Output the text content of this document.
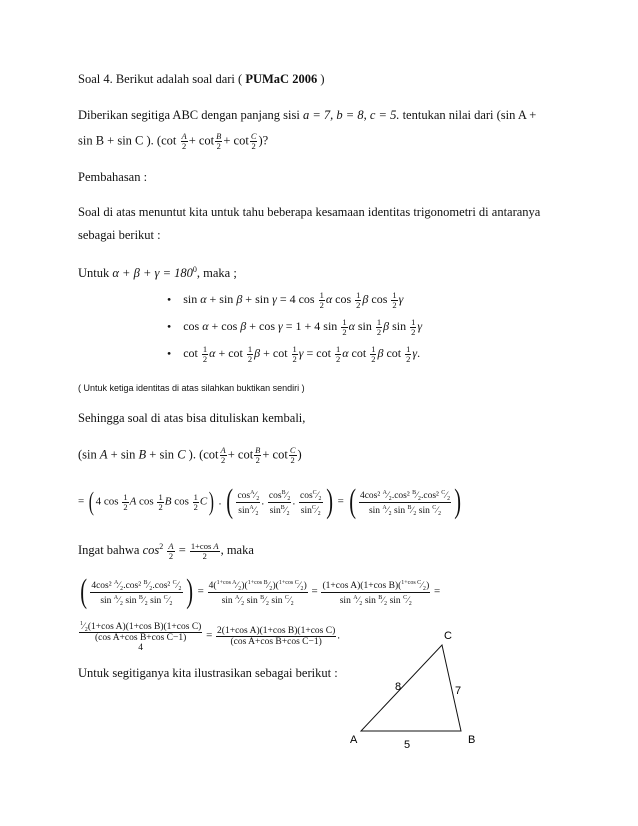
Soal 4. Berikut adalah soal dari ( PUMaC 2006 )
Diberikan segitiga ABC dengan panjang sisi a = 7, b = 8, c = 5. tentukan nilai dari (sin A +
sin B + sin C ). ($\cot \frac{A}{2} + \cot \frac{B}{2} + \cot \frac{C}{2}$ )?
Pembahasan :
Soal di atas menuntut kita untuk tahu beberapa kesamaan identitas trigonometri di antaranya
sebagai berikut :
Untuk $\alpha + \beta + \gamma = 180^0$, maka ;
•    sin α + sin β + sin γ = 4 $\cos \frac{1}{2}$ α $\cos \frac{1}{2}$ β $\cos \frac{1}{2}$ γ
•    cos α + cos β + cos γ = 1 + 4 $\sin \frac{1}{2}$ α $\sin \frac{1}{2}$ β $\sin \frac{1}{2}$ γ
•    $\cot \frac{1}{2}$ $\alpha + \cot \frac{1}{2}$ $\beta + \cot \frac{1}{2}$ $\gamma = \cot \frac{1}{2}$ α $\cot \frac{1}{2}$ β $\cot \frac{1}{2} \gamma$.
( Untuk ketiga identitas di atas silahkan buktikan sendiri )
Sehingga soal di atas bisa dituliskan kembali,
(sin A + sin B + sin C ). ($\cot \frac{A}{2} + \cot \frac{B}{2} + \cot \frac{C}{2}$ )
= ( 4 $\cos \frac{1}{2}$ A $\cos \frac{1}{2}$ B $\cos \frac{1}{2} C$) . ( $\frac{\cos^A⁄_2}{\sin^A⁄_2}$ . $\frac{\cos^B⁄_2}{\sin^B⁄_2}$ . $\frac{\cos^C⁄_2}{\sin^C⁄_2}$ ) = ( $\frac{4\cos^2 ^A⁄_2.\cos^2 ^B⁄_2.\cos^2 ^C⁄_2}{\sin ^A⁄_2 \sin ^B⁄_2 \sin ^C⁄_2}$ )
Ingat bahwa $\cos^2 \frac{A}{2} = \frac{\text{1+cos A}}{2}$ , maka
( $\frac{4\cos^2 ^A⁄_2.\cos^2 ^B⁄_2.\cos^2 ^C⁄_2}{\sin ^A⁄_2 \sin ^B⁄_2 \sin ^C⁄_2}$ ) = $\frac{4(^{1+cos A}⁄_2)(^{1+cos B}⁄_2)(^{1+cos C}⁄_2)}{\sin ^A⁄_2 \sin ^B⁄_2 \sin ^C⁄_2} = \frac{(1+\cos A)(1+\cos B)(^{1+cos C}⁄_2)}{\sin ^A⁄_2 \sin ^B⁄_2 \sin ^C⁄_2}$ =
$^1$⁄₂(1+cos A)(1+cos B)(1+cos C)
(cos A+cos B+cos C−1)
4
= $\frac{\text{2(1+cos A)(1+cos B)(1+cos C)}}{\text{(cos A+cos B+cos C−1)}}$ .
Untuk segitiganya kita ilustrasikan sebagai berikut :
A	B
C
8	7
5
